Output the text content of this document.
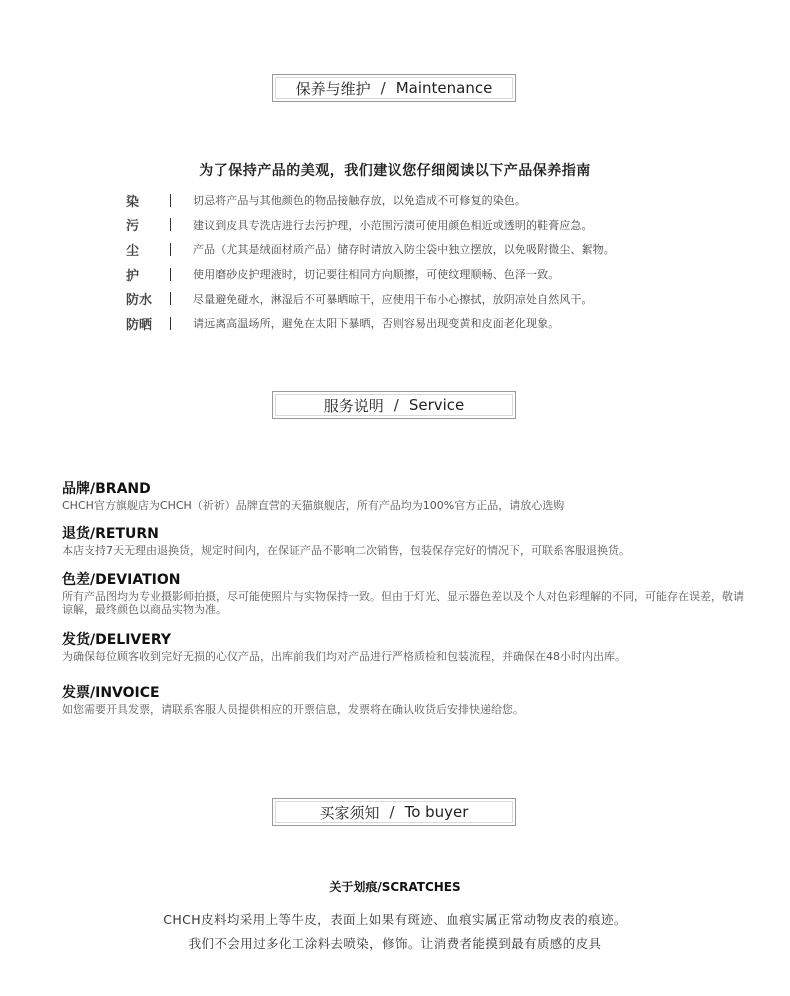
保养与维护 / Maintenance
为了保持产品的美观，我们建议您仔细阅读以下产品保养指南
染	切忌将产品与其他颜色的物品接触存放，以免造成不可修复的染色。
污	建议到皮具专洗店进行去污护理，小范围污渍可使用颜色相近或透明的鞋膏应急。
尘	产品（尤其是绒面材质产品）储存时请放入防尘袋中独立摆放，以免吸附微尘、絮物。
护	使用磨砂皮护理液时，切记要往相同方向顺擦，可使纹理顺畅、色泽一致。
防水	尽量避免碰水，淋湿后不可暴晒晾干，应使用干布小心擦拭，放阴凉处自然风干。
防晒	请远离高温场所，避免在太阳下暴晒，否则容易出现变黄和皮面老化现象。
服务说明 / Service
品牌/BRAND
CHCH官方旗舰店为CHCH（祈祈）品牌直营的天猫旗舰店，所有产品均为100%官方正品，请放心选购
退货/RETURN
本店支持7天无理由退换货，规定时间内，在保证产品不影响二次销售，包装保存完好的情况下，可联系客服退换货。
色差/DEVIATION
所有产品图均为专业摄影师拍摄，尽可能使照片与实物保持一致。但由于灯光、显示器色差以及个人对色彩理解的不同，可能存在误差，敬请谅解，最终颜色以商品实物为准。
发货/DELIVERY
为确保每位顾客收到完好无损的心仪产品，出库前我们均对产品进行严格质检和包装流程，并确保在48小时内出库。
发票/INVOICE
如您需要开具发票，请联系客服人员提供相应的开票信息，发票将在确认收货后安排快递给您。
买家须知 / To buyer
关于划痕/SCRATCHES
CHCH皮料均采用上等牛皮，表面上如果有斑迹、血痕实属正常动物皮表的痕迹。
我们不会用过多化工涂料去喷染，修饰。让消费者能摸到最有质感的皮具
